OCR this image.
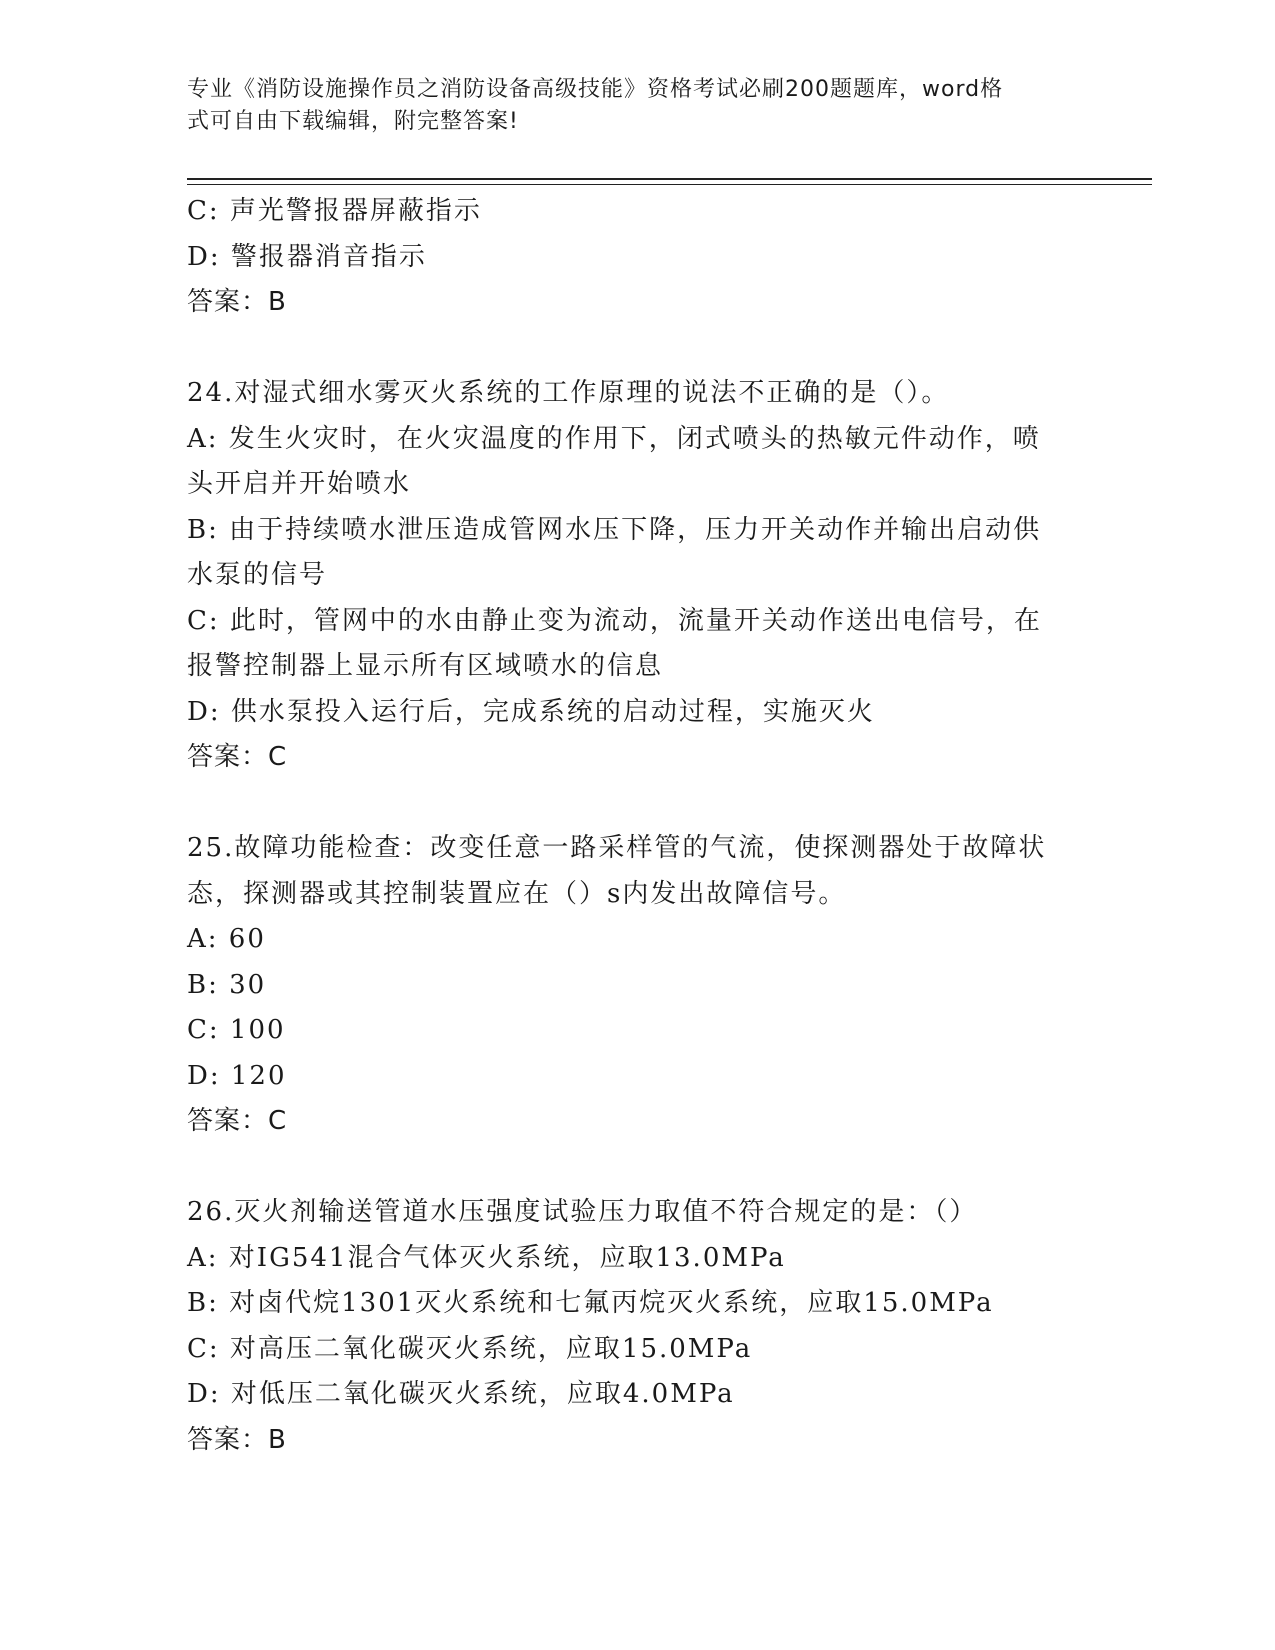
专业《消防设施操作员之消防设备高级技能》资格考试必刷200题题库，word格
式可自由下载编辑，附完整答案!
C: 声光警报器屏蔽指示
D: 警报器消音指示
答案：B
24.对湿式细水雾灭火系统的工作原理的说法不正确的是（）。
A: 发生火灾时，在火灾温度的作用下，闭式喷头的热敏元件动作，喷
头开启并开始喷水
B: 由于持续喷水泄压造成管网水压下降，压力开关动作并输出启动供
水泵的信号
C: 此时，管网中的水由静止变为流动，流量开关动作送出电信号，在
报警控制器上显示所有区域喷水的信息
D: 供水泵投入运行后，完成系统的启动过程，实施灭火
答案：C
25.故障功能检查：改变任意一路采样管的气流，使探测器处于故障状
态，探测器或其控制装置应在（）s内发出故障信号。
A: 60
B: 30
C: 100
D: 120
答案：C
26.灭火剂输送管道水压强度试验压力取值不符合规定的是：（）
A: 对IG541混合气体灭火系统，应取13.0MPa
B: 对卤代烷1301灭火系统和七氟丙烷灭火系统，应取15.0MPa
C: 对高压二氧化碳灭火系统，应取15.0MPa
D: 对低压二氧化碳灭火系统，应取4.0MPa
答案：B
